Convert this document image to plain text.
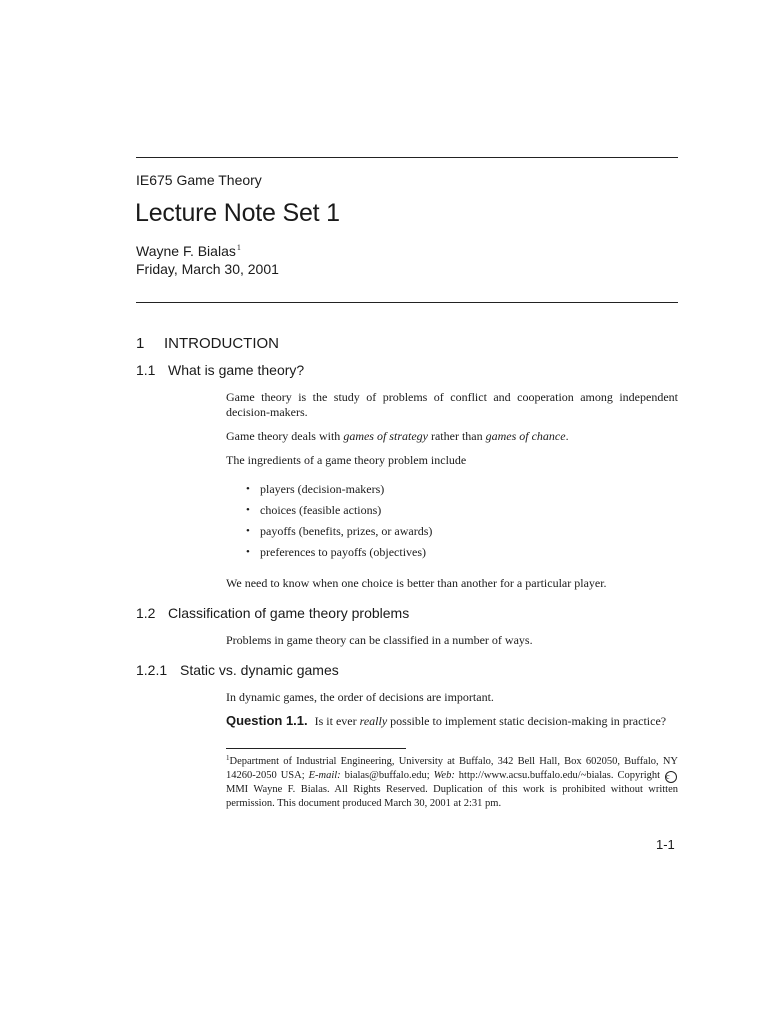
IE675 Game Theory
Lecture Note Set 1
Wayne F. Bialas$^1$
Friday, March 30, 2001
1 INTRODUCTION
1.1 What is game theory?
Game theory is the study of problems of conflict and cooperation among independent decision-makers.
Game theory deals with games of strategy rather than games of chance.
The ingredients of a game theory problem include
• players (decision-makers)
• choices (feasible actions)
• payoffs (benefits, prizes, or awards)
• preferences to payoffs (objectives)
We need to know when one choice is better than another for a particular player.
1.2 Classification of game theory problems
Problems in game theory can be classified in a number of ways.
1.2.1 Static vs. dynamic games
In dynamic games, the order of decisions are important.
Question 1.1. Is it ever really possible to implement static decision-making in practice?
$^1$Department of Industrial Engineering, University at Buffalo, 342 Bell Hall, Box 602050, Buffalo, NY 14260-2050 USA; E-mail: bialas@buffalo.edu; Web: http://www.acsu.buffalo.edu/~bialas. Copyright c MMI Wayne F. Bialas. All Rights Reserved. Duplication of this work is prohibited without written permission. This document produced March 30, 2001 at 2:31 pm.
1-1
